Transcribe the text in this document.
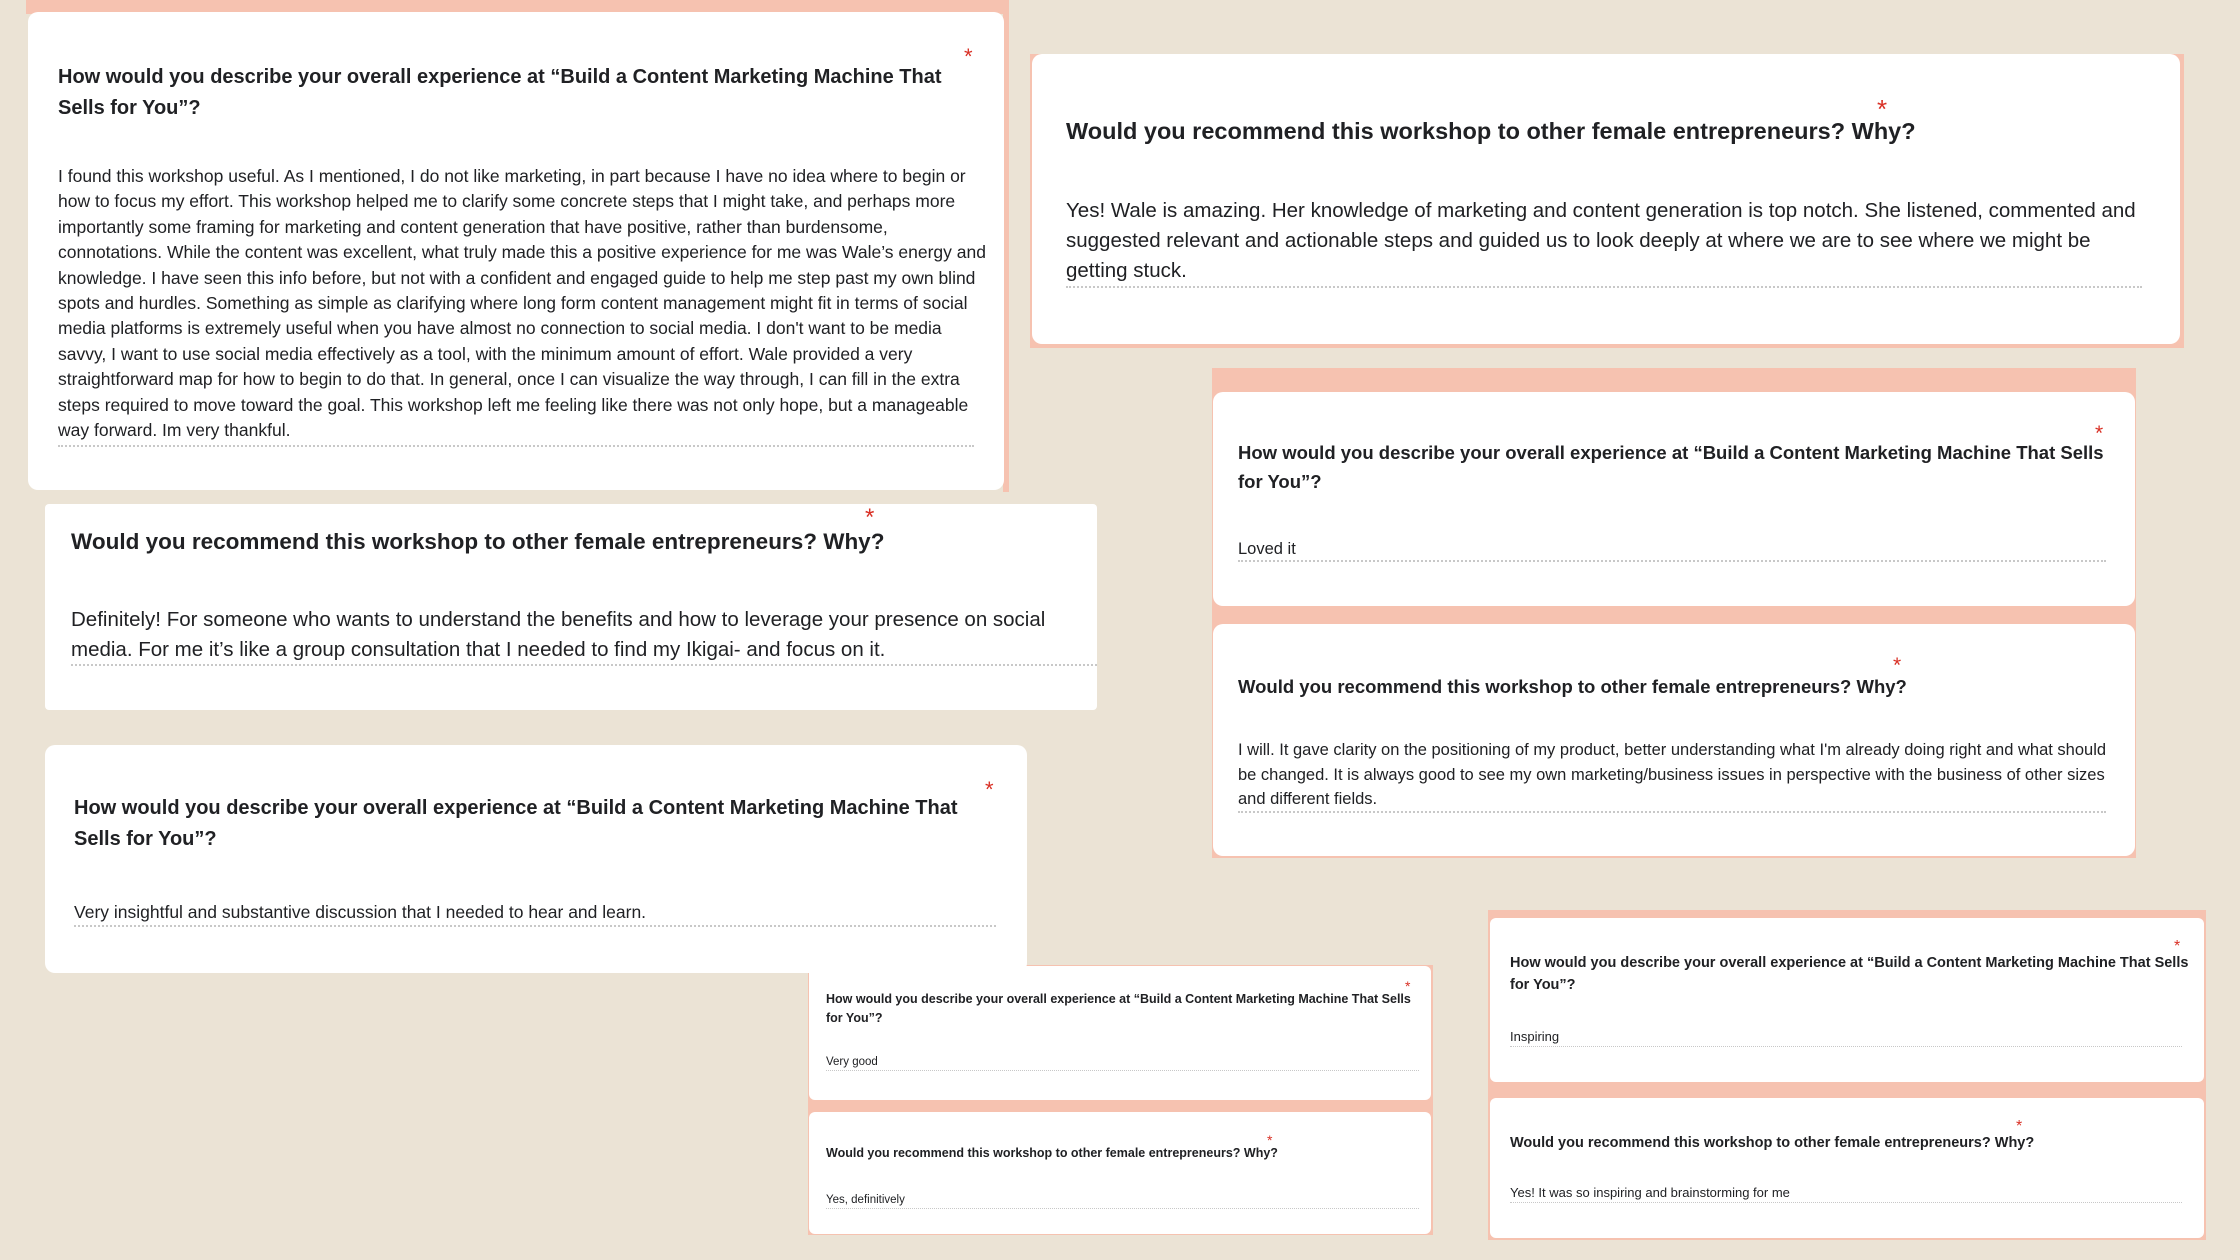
How would you describe your overall experience at “Build a Content Marketing Machine That Sells for You”?
*
I found this workshop useful. As I mentioned, I do not like marketing, in part because I have no idea where to begin or how to focus my effort. This workshop helped me to clarify some concrete steps that I might take, and perhaps more importantly some framing for marketing and content generation that have positive, rather than burdensome, connotations. While the content was excellent, what truly made this a positive experience for me was Wale’s energy and knowledge. I have seen this info before, but not with a confident and engaged guide to help me step past my own blind spots and hurdles. Something as simple as clarifying where long form content management might fit in terms of social media platforms is extremely useful when you have almost no connection to social media. I don't want to be media savvy, I want to use social media effectively as a tool, with the minimum amount of effort. Wale provided a very straightforward map for how to begin to do that. In general, once I can visualize the way through, I can fill in the extra steps required to move toward the goal. This workshop left me feeling like there was not only hope, but a manageable way forward. Im very thankful.
Would you recommend this workshop to other female entrepreneurs? Why?
*
Definitely! For someone who wants to understand the benefits and how to leverage your presence on social media. For me it’s like a group consultation that I needed to find my Ikigai- and focus on it.
How would you describe your overall experience at “Build a Content Marketing Machine That Sells for You”?
*
Very insightful and substantive discussion that I needed to hear and learn.
Would you recommend this workshop to other female entrepreneurs? Why?
*
Yes! Wale is amazing. Her knowledge of marketing and content generation is top notch. She listened, commented and suggested relevant and actionable steps and guided us to look deeply at where we are to see where we might be getting stuck.
How would you describe your overall experience at “Build a Content Marketing Machine That Sells for You”?
*
Loved it
Would you recommend this workshop to other female entrepreneurs? Why?
*
I will. It gave clarity on the positioning of my product, better understanding what I'm already doing right and what should be changed. It is always good to see my own marketing/business issues in perspective with the business of other sizes and different fields.
How would you describe your overall experience at “Build a Content Marketing Machine That Sells for You”?
*
Very good
Would you recommend this workshop to other female entrepreneurs? Why?
*
Yes, definitively
How would you describe your overall experience at “Build a Content Marketing Machine That Sells for You”?
*
Inspiring
Would you recommend this workshop to other female entrepreneurs? Why?
*
Yes! It was so inspiring and brainstorming for me
